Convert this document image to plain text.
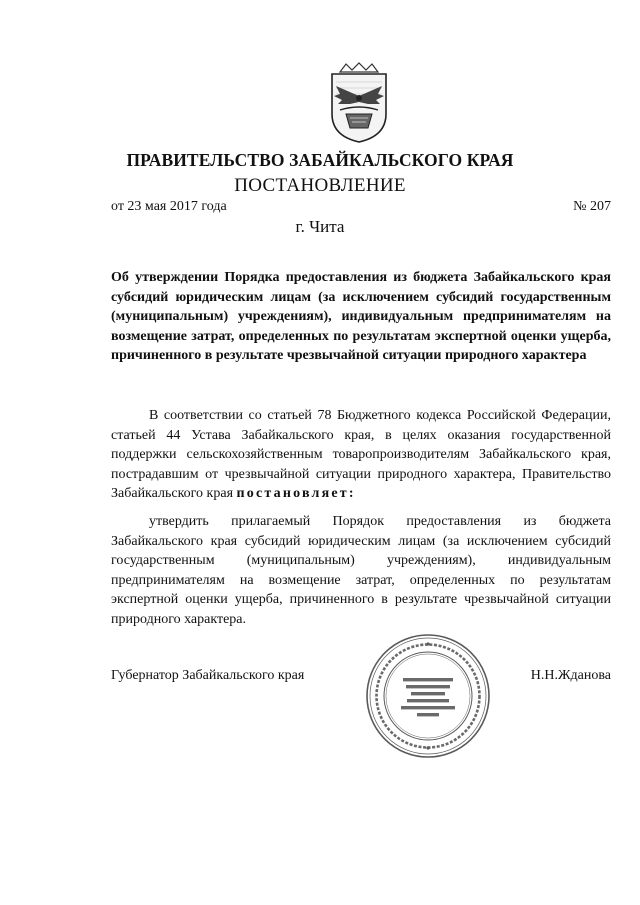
ПРАВИТЕЛЬСТВО ЗАБАЙКАЛЬСКОГО КРАЯ
ПОСТАНОВЛЕНИЕ
от 23 мая 2017 года	№ 207
г. Чита
Об утверждении Порядка предоставления из бюджета Забайкальского края субсидий юридическим лицам (за исключением субсидий государственным (муниципальным) учреждениям), индивидуальным предпринимателям на возмещение затрат, определенных по результатам экспертной оценки ущерба, причиненного в результате чрезвычайной ситуации природного характера
В соответствии со статьей 78 Бюджетного кодекса Российской Федерации, статьей 44 Устава Забайкальского края, в целях оказания государственной поддержки сельскохозяйственным товаропроизводителям Забайкальского края, пострадавшим от чрезвычайной ситуации природного характера, Правительство Забайкальского края постановляет:
утвердить прилагаемый Порядок предоставления из бюджета Забайкальского края субсидий юридическим лицам (за исключением субсидий государственным (муниципальным) учреждениям), индивидуальным предпринимателям на возмещение затрат, определенных по результатам экспертной оценки ущерба, причиненного в результате чрезвычайной ситуации природного характера.
Губернатор Забайкальского края	Н.Н.Жданова
